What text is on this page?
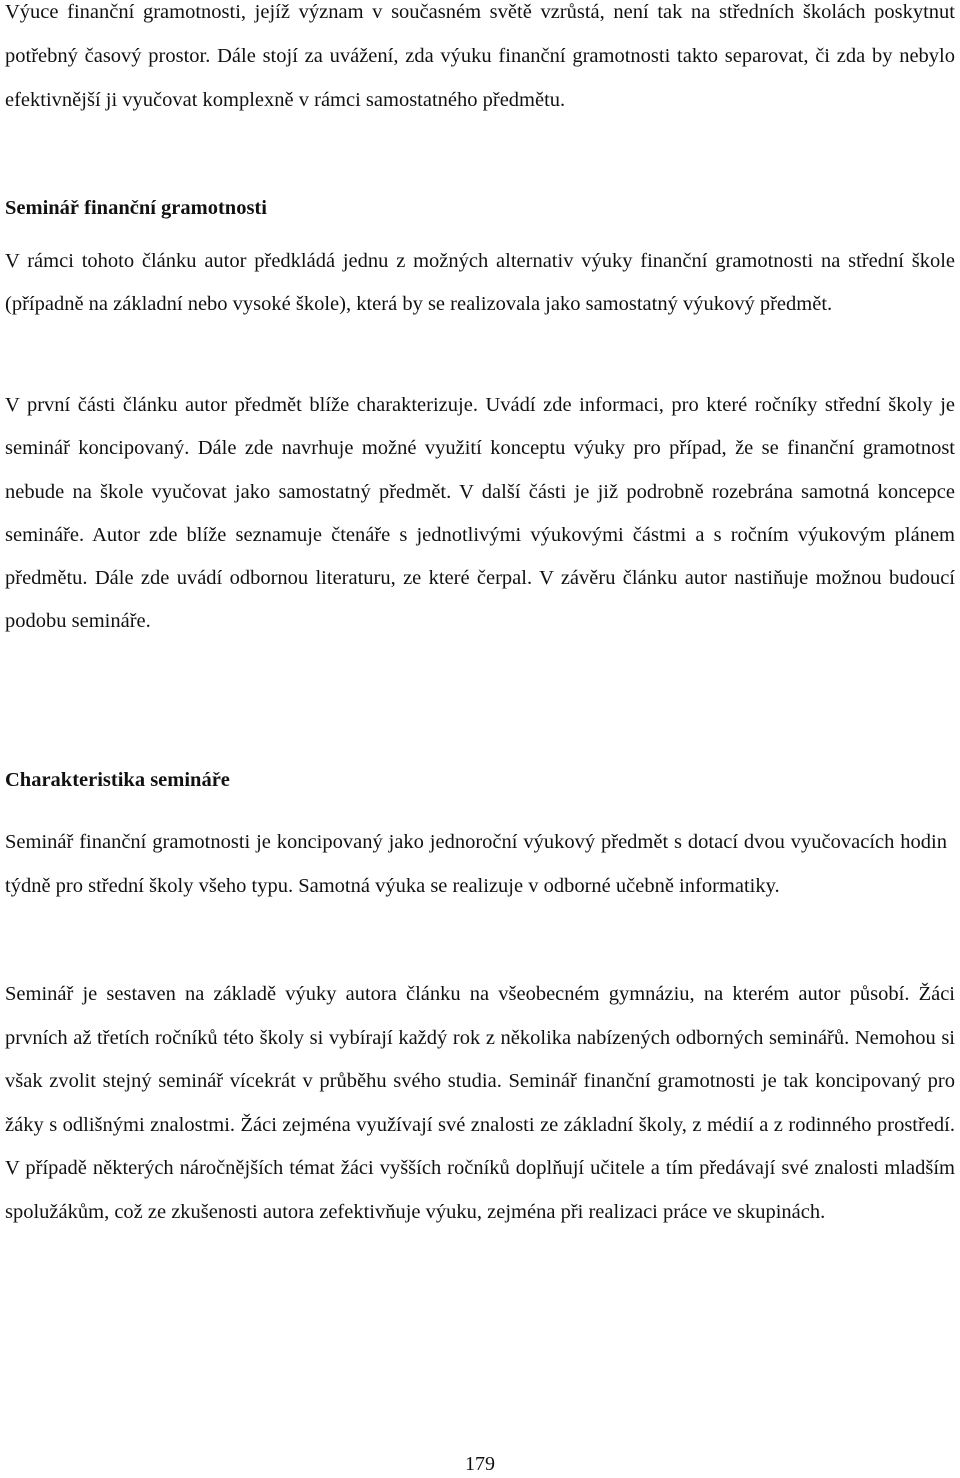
Výuce finanční gramotnosti, jejíž význam v současném světě vzrůstá, není tak na středních školách poskytnut potřebný časový prostor. Dále stojí za uvážení, zda výuku finanční gramotnosti takto separovat, či zda by nebylo efektivnější ji vyučovat komplexně v rámci samostatného předmětu.

Seminář finanční gramotnosti

V rámci tohoto článku autor předkládá jednu z možných alternativ výuky finanční gramotnosti na střední škole (případně na základní nebo vysoké škole), která by se realizovala jako samostatný výukový předmět.

V první části článku autor předmět blíže charakterizuje. Uvádí zde informaci, pro které ročníky střední školy je seminář koncipovaný. Dále zde navrhuje možné využití konceptu výuky pro případ, že se finanční gramotnost nebude na škole vyučovat jako samostatný předmět. V další části je již podrobně rozebrána samotná koncepce semináře. Autor zde blíže seznamuje čtenáře s jednotlivými výukovými částmi a s ročním výukovým plánem předmětu. Dále zde uvádí odbornou literaturu, ze které čerpal. V závěru článku autor nastiňuje možnou budoucí podobu semináře.

Charakteristika semináře

Seminář finanční gramotnosti je koncipovaný jako jednoroční výukový předmět s dotací dvou vyučovacích hodin týdně pro střední školy všeho typu. Samotná výuka se realizuje v odborné učebně informatiky.

Seminář je sestaven na základě výuky autora článku na všeobecném gymnáziu, na kterém autor působí. Žáci prvních až třetích ročníků této školy si vybírají každý rok z několika nabízených odborných seminářů. Nemohou si však zvolit stejný seminář vícekrát v průběhu svého studia. Seminář finanční gramotnosti je tak koncipovaný pro žáky s odlišnými znalostmi. Žáci zejména využívají své znalosti ze základní školy, z médií a z rodinného prostředí. V případě některých náročnějších témat žáci vyšších ročníků doplňují učitele a tím předávají své znalosti mladším spolužákům, což ze zkušenosti autora zefektivňuje výuku, zejména při realizaci práce ve skupinách.

179
